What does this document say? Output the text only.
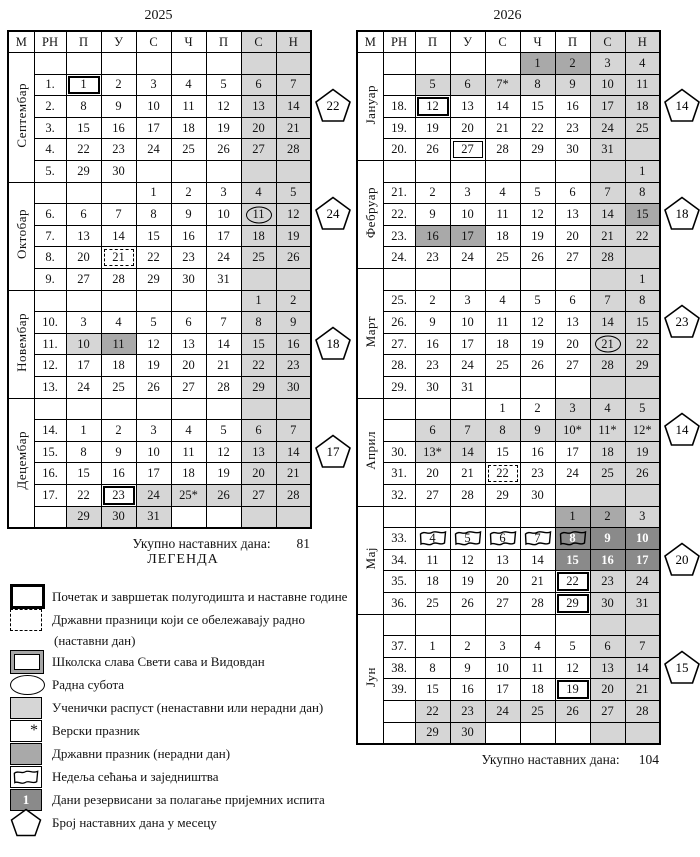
2025
М	РН	П	У	С	Ч	П	С	Н
Септембар								
	1.	1	2	3	4	5	6	7
	2.	8	9	10	11	12	13	14
	3.	15	16	17	18	19	20	21
	4.	22	23	24	25	26	27	28
	5.	29	30					
Октобар				1	2	3	4	5
	6.	6	7	8	9	10	11	12
	7.	13	14	15	16	17	18	19
	8.	20	21	22	23	24	25	26
	9.	27	28	29	30	31		
Новембар							1	2
	10.	3	4	5	6	7	8	9
	11.	10	11	12	13	14	15	16
	12.	17	18	19	20	21	22	23
	13.	24	25	26	27	28	29	30
Децембар								
	14.	1	2	3	4	5	6	7
	15.	8	9	10	11	12	13	14
	16.	15	16	17	18	19	20	21
	17.	22	23	24	25*	26	27	28
		29	30	31				
22
24
18
17
Укупно наставних дана: 81
2026
М	РН	П	У	С	Ч	П	С	Н
Јануар					1	2	3	4
		5	6	7*	8	9	10	11
	18.	12	13	14	15	16	17	18
	19.	19	20	21	22	23	24	25
	20.	26	27	28	29	30	31	
Фебруар								1
	21.	2	3	4	5	6	7	8
	22.	9	10	11	12	13	14	15
	23.	16	17	18	19	20	21	22
	24.	23	24	25	26	27	28	
Март								1
	25.	2	3	4	5	6	7	8
	26.	9	10	11	12	13	14	15
	27.	16	17	18	19	20	21	22
	28.	23	24	25	26	27	28	29
	29.	30	31					
Април				1	2	3	4	5
		6	7	8	9	10*	11*	12*
	30.	13*	14	15	16	17	18	19
	31.	20	21	22	23	24	25	26
	32.	27	28	29	30			
Мај						1	2	3
	33.	4	5	6	7	8	9	10
	34.	11	12	13	14	15	16	17
	35.	18	19	20	21	22	23	24
	36.	25	26	27	28	29	30	31
Јун								
	37.	1	2	3	4	5	6	7
	38.	8	9	10	11	12	13	14
	39.	15	16	17	18	19	20	21
		22	23	24	25	26	27	28
		29	30					
14
18
23
14
20
15
Укупно наставних дана: 104
ЛЕГЕНДА
Почетак и завршетак полугодишта и наставне године
Државни празници који се обележавају радно
(наставни дан)
Школска слава Свети сава и Видовдан
Радна субота
Ученички распуст (ненаставни или нерадни дан)
*	Верски празник
Државни празник (нерадни дан)
Недеља сећања и заједништва
1	Дани резервисани за полагање пријемних испита
Број наставних дана у месецу
